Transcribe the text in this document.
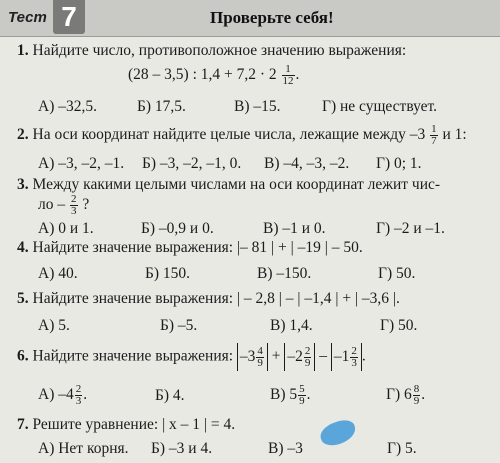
Тест 7	Проверьте себя!
1. Найдите число, противоположное значению выражения:
(28 – 3,5) : $1,4 + 7,2 \cdot 2 \frac{1}{12}$ .
А) –32,5.	Б) 17,5.	В) –15.	Г) не существует.
2. На оси координат найдите целые числа, лежащие между $-3 \frac{1}{7}$ и 1:
А) –3, –2, –1. Б) –3, –2, –1, 0. В) –4, –3, –2. Г) 0; 1.
3. Между какими целыми числами на оси координат лежит чис-
ло – $\frac{2}{3}$ ?
А) 0 и 1.	Б) –0,9 и 0.	В) –1 и 0.	Г) –2 и –1.
4. Найдите значение выражения: |– 81 | + | –19 | – 50.
А) 40.	Б) 150.	В) –150.	Г) 50.
5. Найдите значение выражения: | – 2,8 | – | –1,4 | + | –3,6 |.
А) 5.	Б) –5.	В) 1,4.	Г) 50.
6. Найдите значение выражения: $-3 \frac{4}{9} + -2 \frac{2}{9} - -1 \frac{2}{3}$ .
А) $-4 \frac{2}{3}$ .	Б) 4.	В) $5 \frac{5}{9}$ .	Г) $6 \frac{8}{9}$ .
7. Решите уравнение: | x – 1 | = 4.
А) Нет корня. Б) –3 и 4.	В) –3	Г) 5.
